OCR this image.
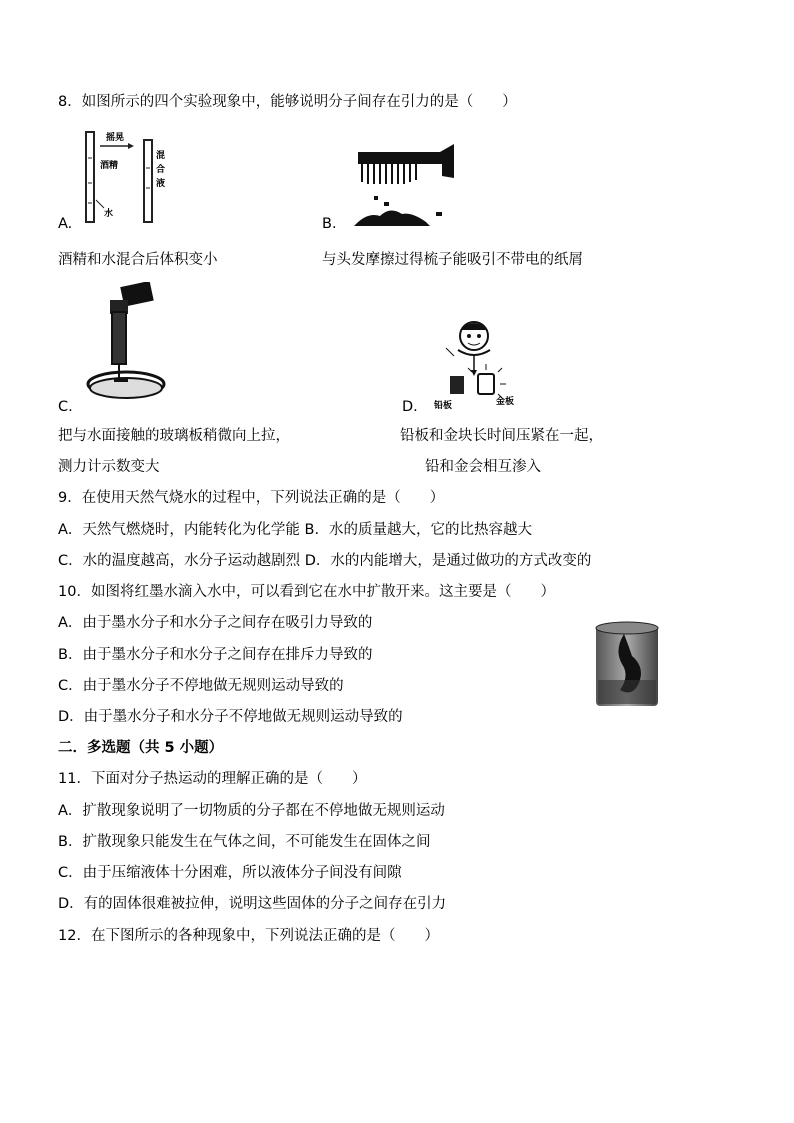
8．如图所示的四个实验现象中，能够说明分子间存在引力的是（　　）
摇晃
酒精
水
混
合
液
A.
酒精和水混合后体积变小
B.
与头发摩擦过得梳子能吸引不带电的纸屑
C.
把与水面接触的玻璃板稍微向上拉，
测力计示数变大
铅板	金板
D.
铅板和金块长时间压紧在一起，
铅和金会相互渗入
9．在使用天然气烧水的过程中，下列说法正确的是（　　）
A．天然气燃烧时，内能转化为化学能 B．水的质量越大，它的比热容越大
C．水的温度越高，水分子运动越剧烈 D．水的内能增大，是通过做功的方式改变的
10．如图将红墨水滴入水中，可以看到它在水中扩散开来。这主要是（　　）
A．由于墨水分子和水分子之间存在吸引力导致的
B．由于墨水分子和水分子之间存在排斥力导致的
C．由于墨水分子不停地做无规则运动导致的
D．由于墨水分子和水分子不停地做无规则运动导致的
二．多选题（共 5 小题）
11．下面对分子热运动的理解正确的是（　　）
A．扩散现象说明了一切物质的分子都在不停地做无规则运动
B．扩散现象只能发生在气体之间，不可能发生在固体之间
C．由于压缩液体十分困难，所以液体分子间没有间隙
D．有的固体很难被拉伸，说明这些固体的分子之间存在引力
12．在下图所示的各种现象中，下列说法正确的是（　　）
